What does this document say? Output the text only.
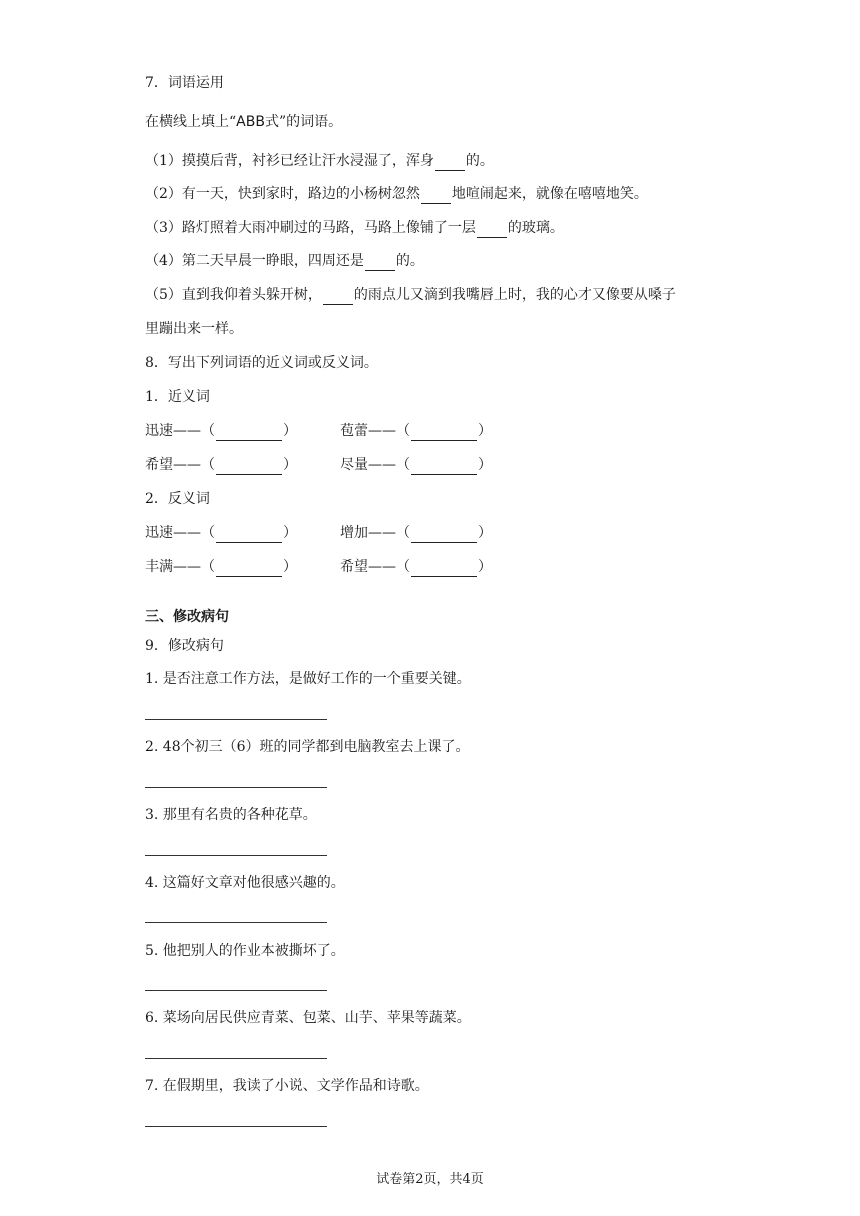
7．词语运用
在横线上填上“ABB式”的词语。
（1）摸摸后背，衬衫已经让汗水浸湿了，浑身 的。
（2）有一天，快到家时，路边的小杨树忽然 地喧闹起来，就像在嘻嘻地笑。
（3）路灯照着大雨冲刷过的马路，马路上像铺了一层 的玻璃。
（4）第二天早晨一睁眼，四周还是 的。
（5）直到我仰着头躲开树， 的雨点儿又滴到我嘴唇上时，我的心才又像要从嗓子
里蹦出来一样。
8．写出下列词语的近义词或反义词。
1．近义词
迅速——（	）	苞蕾——（	）
希望——（	）	尽量——（	）
2．反义词
迅速——（	）	增加——（	）
丰满——（	）	希望——（	）
三、修改病句
9．修改病句
1. 是否注意工作方法，是做好工作的一个重要关键。
2. 48个初三（6）班的同学都到电脑教室去上课了。
3. 那里有名贵的各种花草。
4. 这篇好文章对他很感兴趣的。
5. 他把别人的作业本被撕坏了。
6. 菜场向居民供应青菜、包菜、山芋、苹果等蔬菜。
7. 在假期里，我读了小说、文学作品和诗歌。
试卷第2页，共4页
